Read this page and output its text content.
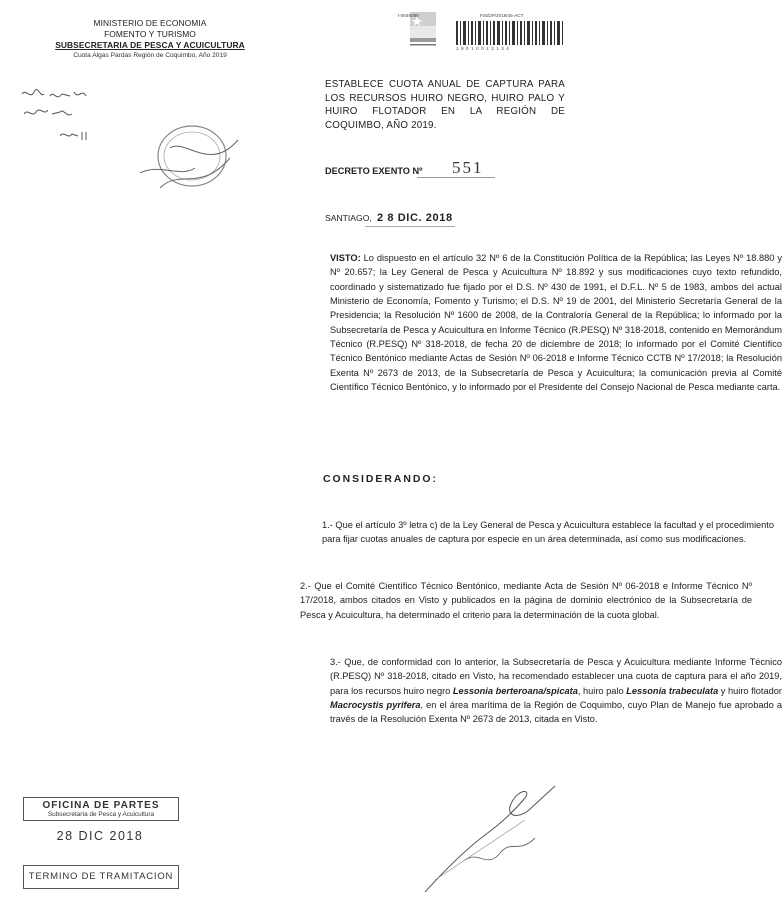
MINISTERIO DE ECONOMIA
FOMENTO Y TURISMO
SUBSECRETARIA DE PESCA Y ACUICULTURA
Cuota Algas Pardas Región de Coquimbo, Año 2019
I-0046089	FIS/DP/2019/45-ACT
1 9 0 1 0 0 1 2 1 3 4
ESTABLECE CUOTA ANUAL DE CAPTURA PARA LOS RECURSOS HUIRO NEGRO, HUIRO PALO Y HUIRO FLOTADOR EN LA REGIÓN DE COQUIMBO, AÑO 2019.
DECRETO EXENTO Nº 551
SANTIAGO, 2 8 DIC. 2018
VISTO: Lo dispuesto en el artículo 32 Nº 6 de la Constitución Política de la República; las Leyes Nº 18.880 y Nº 20.657; la Ley General de Pesca y Acuicultura Nº 18.892 y sus modificaciones cuyo texto refundido, coordinado y sistematizado fue fijado por el D.S. Nº 430 de 1991, el D.F.L. Nº 5 de 1983, ambos del actual Ministerio de Economía, Fomento y Turismo; el D.S. Nº 19 de 2001, del Ministerio Secretaría General de la Presidencia; la Resolución Nº 1600 de 2008, de la Contraloría General de la República; lo informado por la Subsecretaría de Pesca y Acuicultura en Informe Técnico (R.PESQ) Nº 318-2018, contenido en Memorándum Técnico (R.PESQ) Nº 318-2018, de fecha 20 de diciembre de 2018; lo informado por el Comité Científico Técnico Bentónico mediante Actas de Sesión Nº 06-2018 e Informe Técnico CCTB Nº 17/2018; la Resolución Exenta Nº 2673 de 2013, de la Subsecretaría de Pesca y Acuicultura; la comunicación previa al Comité Científico Técnico Bentónico, y lo informado por el Presidente del Consejo Nacional de Pesca mediante carta.
CONSIDERANDO:
1.- Que el artículo 3º letra c) de la Ley General de Pesca y Acuicultura establece la facultad y el procedimiento para fijar cuotas anuales de captura por especie en un área determinada, así como sus modificaciones.
2.- Que el Comité Científico Técnico Bentónico, mediante Acta de Sesión Nº 06-2018 e Informe Técnico Nº 17/2018, ambos citados en Visto y publicados en la página de dominio electrónico de la Subsecretaría de Pesca y Acuicultura, ha determinado el criterio para la determinación de la cuota global.
3.- Que, de conformidad con lo anterior, la Subsecretaría de Pesca y Acuicultura mediante Informe Técnico (R.PESQ) Nº 318-2018, citado en Visto, ha recomendado establecer una cuota de captura para el año 2019, para los recursos huiro negro Lessonia berteroana/spicata, huiro palo Lessonia trabeculata y huiro flotador Macrocystis pyrifera, en el área marítima de la Región de Coquimbo, cuyo Plan de Manejo fue aprobado a través de la Resolución Exenta Nº 2673 de 2013, citada en Visto.
OFICINA DE PARTES
Subsecretaría de Pesca y Acuicultura
28 DIC 2018
TERMINO DE TRAMITACION
